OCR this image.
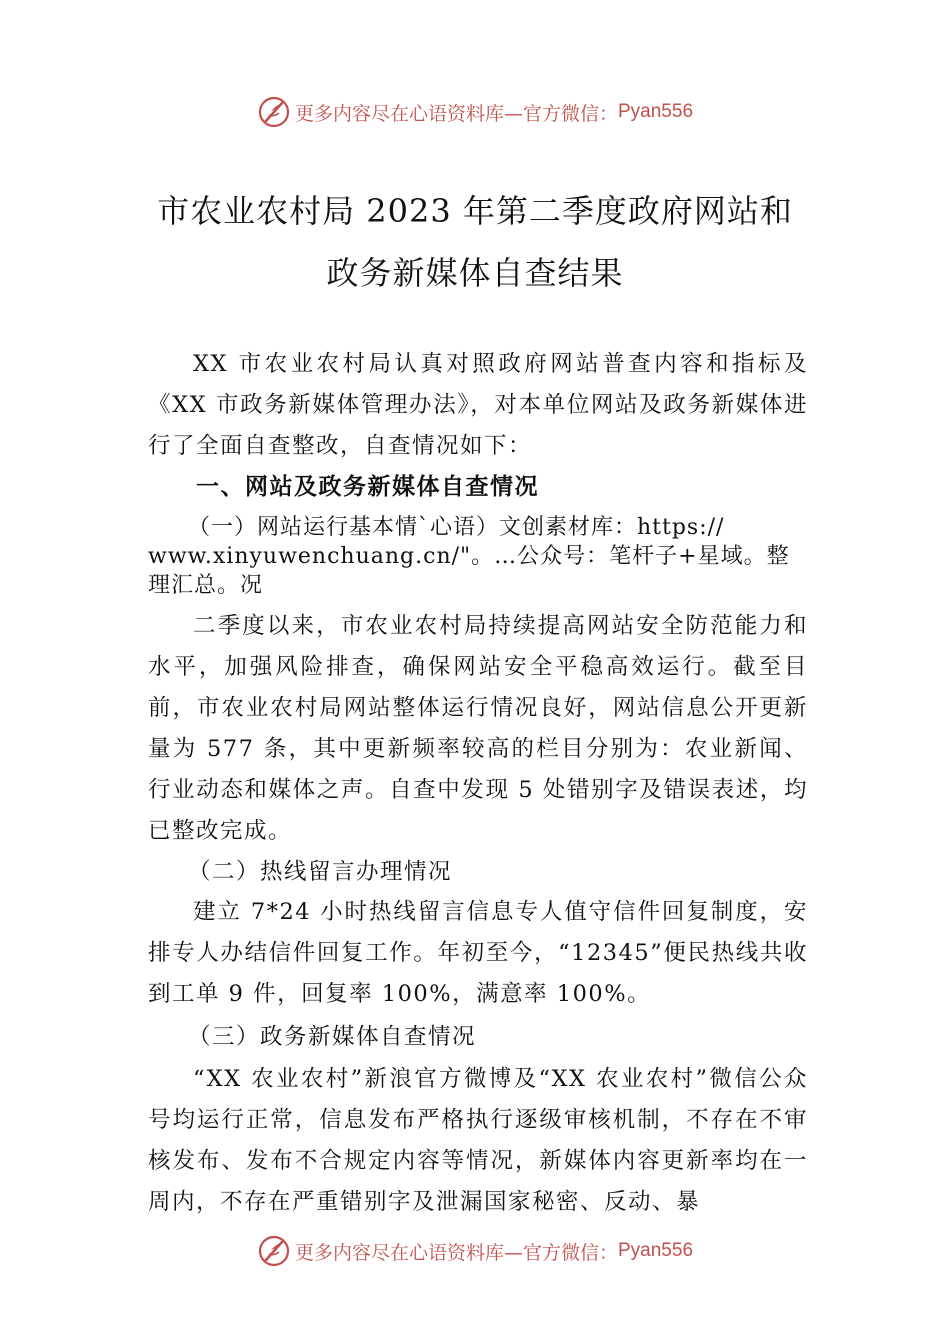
更多内容尽在心语资料库—官方微信： Pyan556
市农业农村局 2023 年第二季度政府网站和
政务新媒体自查结果

XX 市农业农村局认真对照政府网站普查内容和指标及《XX 市政务新媒体管理办法》，对本单位网站及政务新媒体进行了全面自查整改，自查情况如下：

一、网站及政务新媒体自查情况

（一）网站运行基本情`心语）文创素材库：https://

www.xinyuwenchuang.cn/"。…公众号：笔杆子+星域。整

理汇总。况

二季度以来，市农业农村局持续提高网站安全防范能力和水平，加强风险排查，确保网站安全平稳高效运行。截至目前，市农业农村局网站整体运行情况良好，网站信息公开更新量为 577 条，其中更新频率较高的栏目分别为：农业新闻、行业动态和媒体之声。自查中发现 5 处错别字及错误表述，均已整改完成。

（二）热线留言办理情况

建立 7*24 小时热线留言信息专人值守信件回复制度，安排专人办结信件回复工作。年初至今，“12345”便民热线共收到工单 9 件，回复率 100%，满意率 100%。

（三）政务新媒体自查情况

“XX 农业农村”新浪官方微博及“XX 农业农村”微信公众号均运行正常，信息发布严格执行逐级审核机制，不存在不审核发布、发布不合规定内容等情况，新媒体内容更新率均在一周内，不存在严重错别字及泄漏国家秘密、反动、暴

更多内容尽在心语资料库—官方微信： Pyan556
